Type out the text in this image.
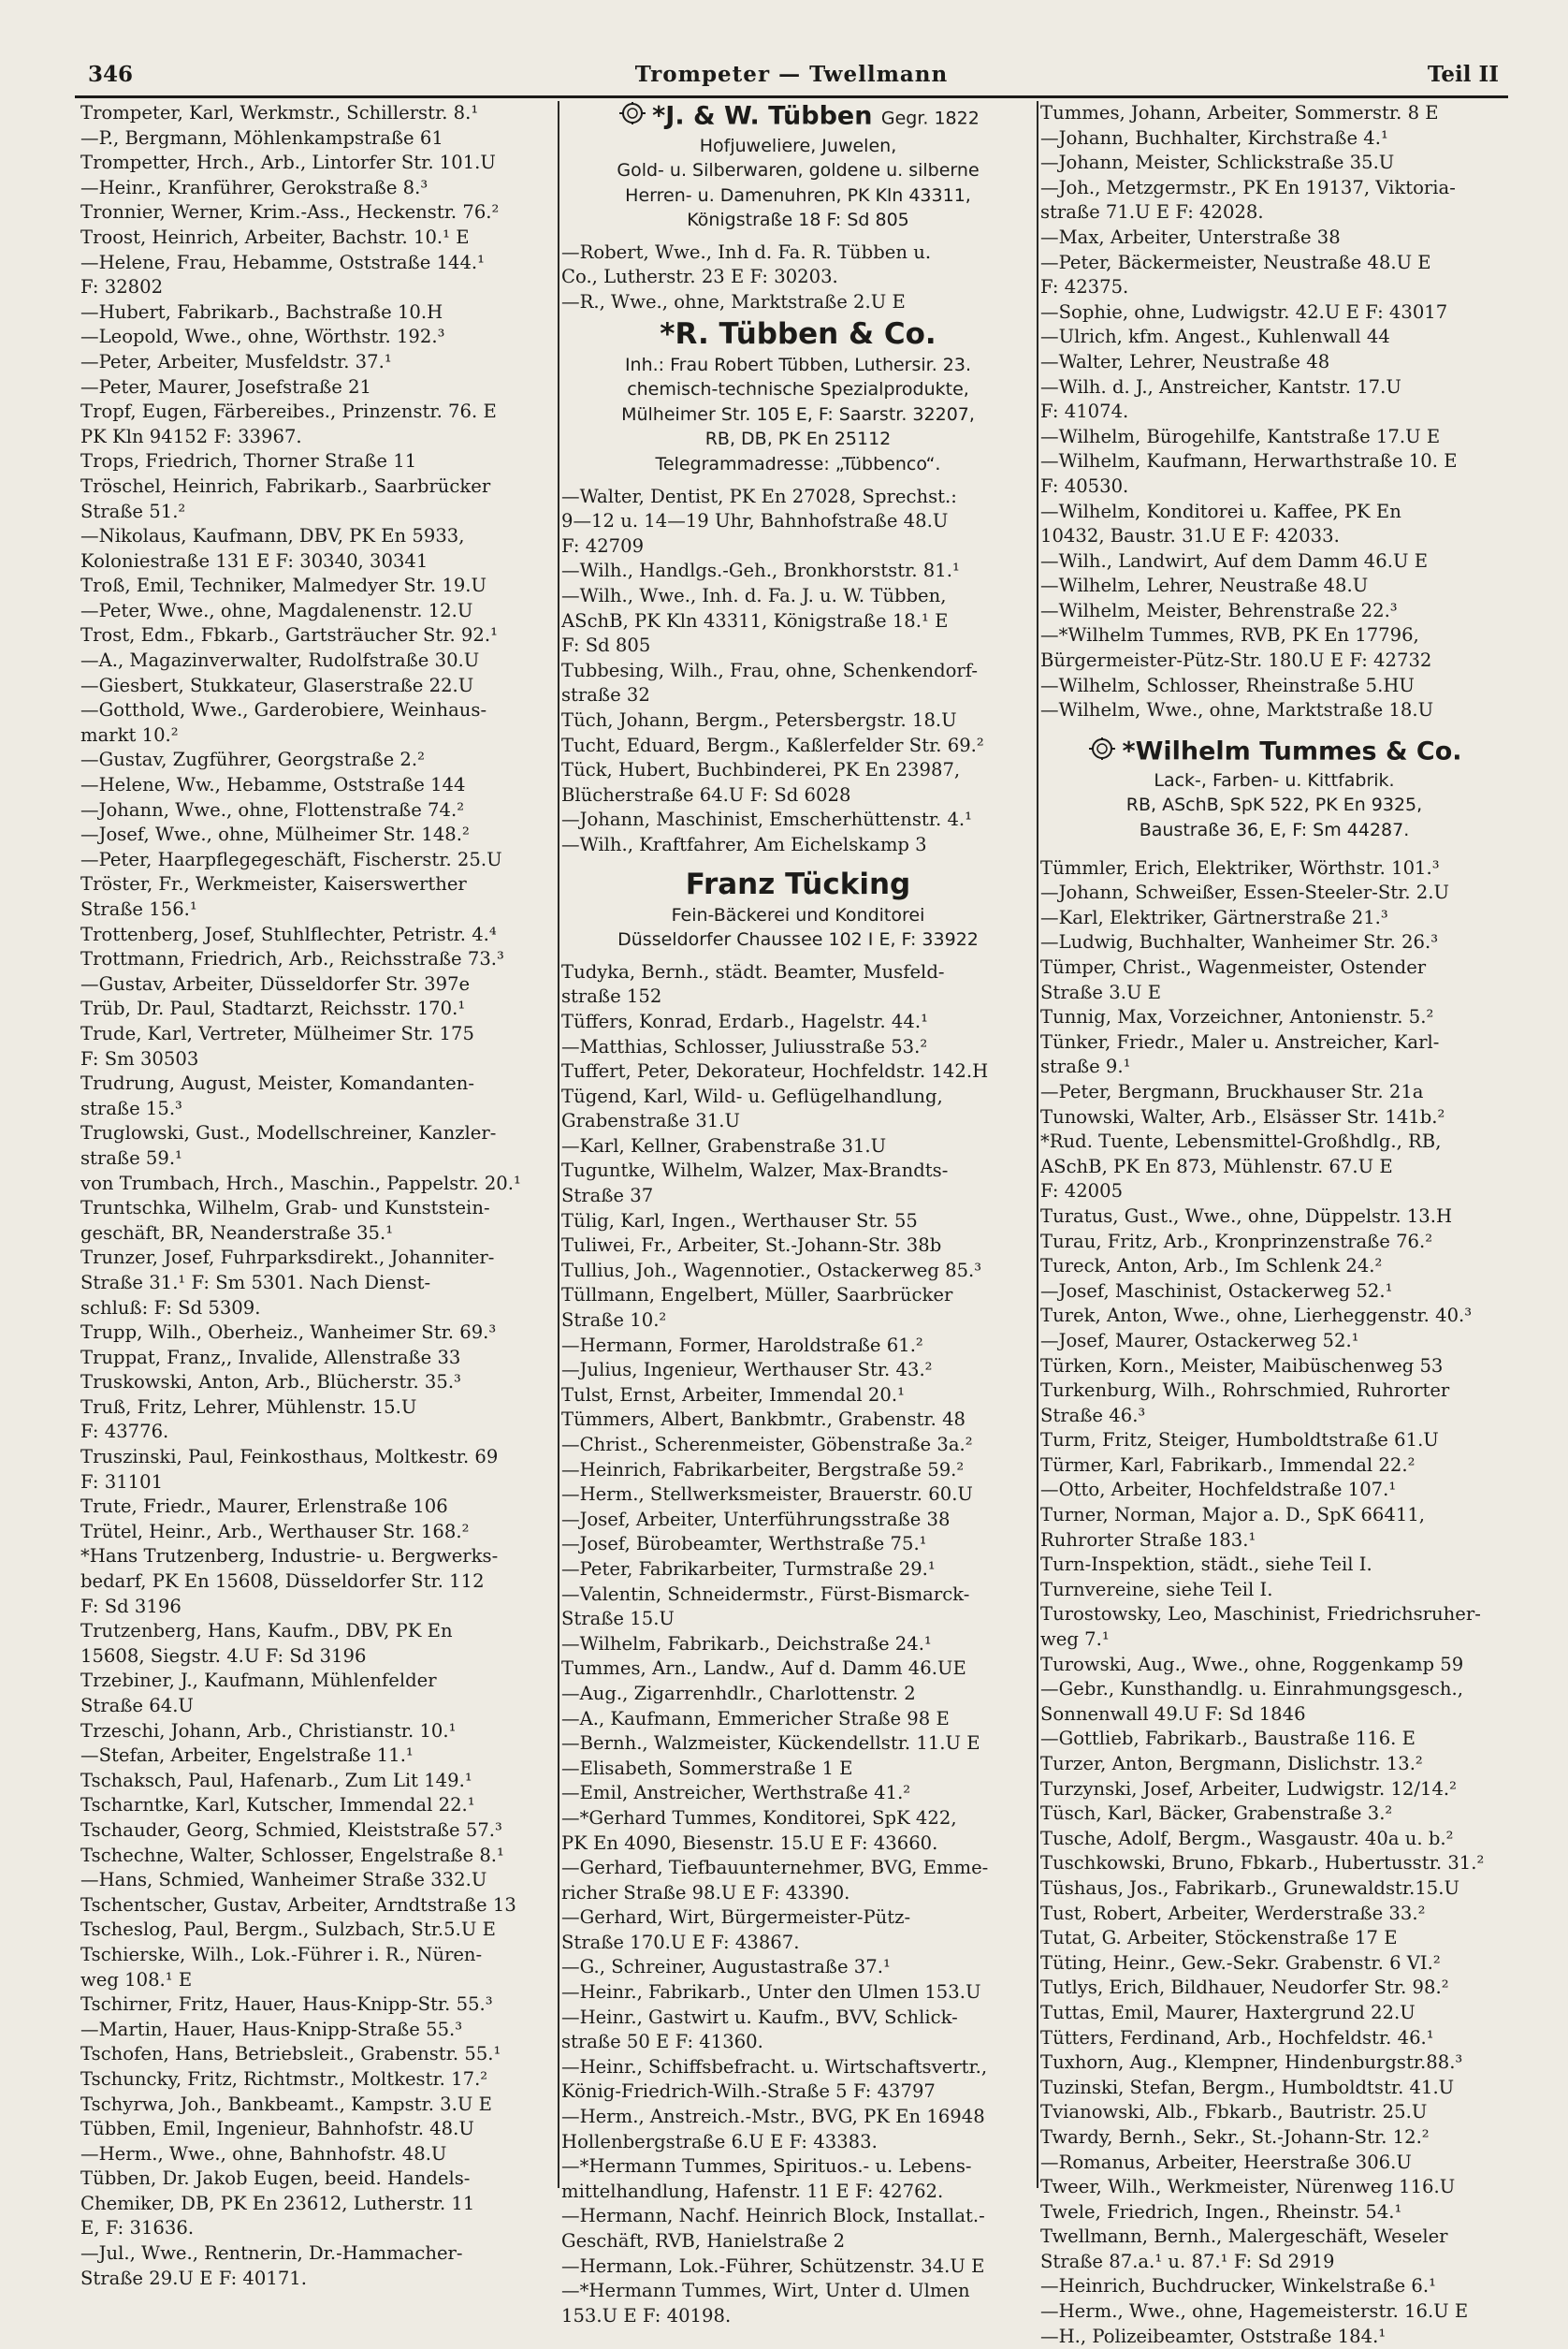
346	Trompeter — Twellmann	Teil II
Trompeter, Karl, Werkmstr., Schillerstr. 8.¹
—P., Bergmann, Möhlenkampstraße 61
Trompetter, Hrch., Arb., Lintorfer Str. 101.U
—Heinr., Kranführer, Gerokstraße 8.³
Tronnier, Werner, Krim.-Ass., Heckenstr. 76.²
Troost, Heinrich, Arbeiter, Bachstr. 10.¹ E
—Helene, Frau, Hebamme, Oststraße 144.¹
F: 32802
—Hubert, Fabrikarb., Bachstraße 10.H
—Leopold, Wwe., ohne, Wörthstr. 192.³
—Peter, Arbeiter, Musfeldstr. 37.¹
—Peter, Maurer, Josefstraße 21
Tropf, Eugen, Färbereibes., Prinzenstr. 76. E
PK Kln 94152 F: 33967.
Trops, Friedrich, Thorner Straße 11
Tröschel, Heinrich, Fabrikarb., Saarbrücker
Straße 51.²
—Nikolaus, Kaufmann, DBV, PK En 5933,
Koloniestraße 131 E F: 30340, 30341
Troß, Emil, Techniker, Malmedyer Str. 19.U
—Peter, Wwe., ohne, Magdalenenstr. 12.U
Trost, Edm., Fbkarb., Gartsträucher Str. 92.¹
—A., Magazinverwalter, Rudolfstraße 30.U
—Giesbert, Stukkateur, Glaserstraße 22.U
—Gotthold, Wwe., Garderobiere, Weinhaus-
markt 10.²
—Gustav, Zugführer, Georgstraße 2.²
—Helene, Ww., Hebamme, Oststraße 144
—Johann, Wwe., ohne, Flottenstraße 74.²
—Josef, Wwe., ohne, Mülheimer Str. 148.²
—Peter, Haarpflegegeschäft, Fischerstr. 25.U
Tröster, Fr., Werkmeister, Kaiserswerther
Straße 156.¹
Trottenberg, Josef, Stuhlflechter, Petristr. 4.⁴
Trottmann, Friedrich, Arb., Reichsstraße 73.³
—Gustav, Arbeiter, Düsseldorfer Str. 397e
Trüb, Dr. Paul, Stadtarzt, Reichsstr. 170.¹
Trude, Karl, Vertreter, Mülheimer Str. 175
F: Sm 30503
Trudrung, August, Meister, Komandanten-
straße 15.³
Truglowski, Gust., Modellschreiner, Kanzler-
straße 59.¹
von Trumbach, Hrch., Maschin., Pappelstr. 20.¹
Truntschka, Wilhelm, Grab- und Kunststein-
geschäft, BR, Neanderstraße 35.¹
Trunzer, Josef, Fuhrparksdirekt., Johanniter-
Straße 31.¹ F: Sm 5301. Nach Dienst-
schluß: F: Sd 5309.
Trupp, Wilh., Oberheiz., Wanheimer Str. 69.³
Truppat, Franz,, Invalide, Allenstraße 33
Truskowski, Anton, Arb., Blücherstr. 35.³
Truß, Fritz, Lehrer, Mühlenstr. 15.U
F: 43776.
Truszinski, Paul, Feinkosthaus, Moltkestr. 69
F: 31101
Trute, Friedr., Maurer, Erlenstraße 106
Trütel, Heinr., Arb., Werthauser Str. 168.²
*Hans Trutzenberg, Industrie- u. Bergwerks-
bedarf, PK En 15608, Düsseldorfer Str. 112
F: Sd 3196
Trutzenberg, Hans, Kaufm., DBV, PK En
15608, Siegstr. 4.U F: Sd 3196
Trzebiner, J., Kaufmann, Mühlenfelder
Straße 64.U
Trzeschi, Johann, Arb., Christianstr. 10.¹
—Stefan, Arbeiter, Engelstraße 11.¹
Tschaksch, Paul, Hafenarb., Zum Lit 149.¹
Tscharntke, Karl, Kutscher, Immendal 22.¹
Tschauder, Georg, Schmied, Kleiststraße 57.³
Tschechne, Walter, Schlosser, Engelstraße 8.¹
—Hans, Schmied, Wanheimer Straße 332.U
Tschentscher, Gustav, Arbeiter, Arndtstraße 13
Tscheslog, Paul, Bergm., Sulzbach, Str.5.U E
Tschierske, Wilh., Lok.-Führer i. R., Nüren-
weg 108.¹ E
Tschirner, Fritz, Hauer, Haus-Knipp-Str. 55.³
—Martin, Hauer, Haus-Knipp-Straße 55.³
Tschofen, Hans, Betriebsleit., Grabenstr. 55.¹
Tschuncky, Fritz, Richtmstr., Moltkestr. 17.²
Tschyrwa, Joh., Bankbeamt., Kampstr. 3.U E
Tübben, Emil, Ingenieur, Bahnhofstr. 48.U
—Herm., Wwe., ohne, Bahnhofstr. 48.U
Tübben, Dr. Jakob Eugen, beeid. Handels-
Chemiker, DB, PK En 23612, Lutherstr. 11
E, F: 31636.
—Jul., Wwe., Rentnerin, Dr.-Hammacher-
Straße 29.U E F: 40171.
*J. & W. Tübben Gegr. 1822
Hofjuweliere, Juwelen,
Gold- u. Silberwaren, goldene u. silberne
Herren- u. Damenuhren, PK Kln 43311,
Königstraße 18 F: Sd 805
—Robert, Wwe., Inh d. Fa. R. Tübben u.
Co., Lutherstr. 23 E F: 30203.
—R., Wwe., ohne, Marktstraße 2.U E
*R. Tübben & Co.
Inh.: Frau Robert Tübben, Luthersir. 23.
chemisch-technische Spezialprodukte,
Mülheimer Str. 105 E, F: Saarstr. 32207,
RB, DB, PK En 25112
Telegrammadresse: „Tübbenco“.
—Walter, Dentist, PK En 27028, Sprechst.:
9—12 u. 14—19 Uhr, Bahnhofstraße 48.U
F: 42709
—Wilh., Handlgs.-Geh., Bronkhorststr. 81.¹
—Wilh., Wwe., Inh. d. Fa. J. u. W. Tübben,
ASchB, PK Kln 43311, Königstraße 18.¹ E
F: Sd 805
Tubbesing, Wilh., Frau, ohne, Schenkendorf-
straße 32
Tüch, Johann, Bergm., Petersbergstr. 18.U
Tucht, Eduard, Bergm., Kaßlerfelder Str. 69.²
Tück, Hubert, Buchbinderei, PK En 23987,
Blücherstraße 64.U F: Sd 6028
—Johann, Maschinist, Emscherhüttenstr. 4.¹
—Wilh., Kraftfahrer, Am Eichelskamp 3
Franz Tücking
Fein-Bäckerei und Konditorei
Düsseldorfer Chaussee 102 I E, F: 33922
Tudyka, Bernh., städt. Beamter, Musfeld-
straße 152
Tüffers, Konrad, Erdarb., Hagelstr. 44.¹
—Matthias, Schlosser, Juliusstraße 53.²
Tuffert, Peter, Dekorateur, Hochfeldstr. 142.H
Tügend, Karl, Wild- u. Geflügelhandlung,
Grabenstraße 31.U
—Karl, Kellner, Grabenstraße 31.U
Tuguntke, Wilhelm, Walzer, Max-Brandts-
Straße 37
Tülig, Karl, Ingen., Werthauser Str. 55
Tuliwei, Fr., Arbeiter, St.-Johann-Str. 38b
Tullius, Joh., Wagennotier., Ostackerweg 85.³
Tüllmann, Engelbert, Müller, Saarbrücker
Straße 10.²
—Hermann, Former, Haroldstraße 61.²
—Julius, Ingenieur, Werthauser Str. 43.²
Tulst, Ernst, Arbeiter, Immendal 20.¹
Tümmers, Albert, Bankbmtr., Grabenstr. 48
—Christ., Scherenmeister, Göbenstraße 3a.²
—Heinrich, Fabrikarbeiter, Bergstraße 59.²
—Herm., Stellwerksmeister, Brauerstr. 60.U
—Josef, Arbeiter, Unterführungsstraße 38
—Josef, Bürobeamter, Werthstraße 75.¹
—Peter, Fabrikarbeiter, Turmstraße 29.¹
—Valentin, Schneidermstr., Fürst-Bismarck-
Straße 15.U
—Wilhelm, Fabrikarb., Deichstraße 24.¹
Tummes, Arn., Landw., Auf d. Damm 46.UE
—Aug., Zigarrenhdlr., Charlottenstr. 2
—A., Kaufmann, Emmericher Straße 98 E
—Bernh., Walzmeister, Kückendellstr. 11.U E
—Elisabeth, Sommerstraße 1 E
—Emil, Anstreicher, Werthstraße 41.²
—*Gerhard Tummes, Konditorei, SpK 422,
PK En 4090, Biesenstr. 15.U E F: 43660.
—Gerhard, Tiefbauunternehmer, BVG, Emme-
richer Straße 98.U E F: 43390.
—Gerhard, Wirt, Bürgermeister-Pütz-
Straße 170.U E F: 43867.
—G., Schreiner, Augustastraße 37.¹
—Heinr., Fabrikarb., Unter den Ulmen 153.U
—Heinr., Gastwirt u. Kaufm., BVV, Schlick-
straße 50 E F: 41360.
—Heinr., Schiffsbefracht. u. Wirtschaftsvertr.,
König-Friedrich-Wilh.-Straße 5 F: 43797
—Herm., Anstreich.-Mstr., BVG, PK En 16948
Hollenbergstraße 6.U E F: 43383.
—*Hermann Tummes, Spirituos.- u. Lebens-
mittelhandlung, Hafenstr. 11 E F: 42762.
—Hermann, Nachf. Heinrich Block, Installat.-
Geschäft, RVB, Hanielstraße 2
—Hermann, Lok.-Führer, Schützenstr. 34.U E
—*Hermann Tummes, Wirt, Unter d. Ulmen
153.U E F: 40198.
Tummes, Johann, Arbeiter, Sommerstr. 8 E
—Johann, Buchhalter, Kirchstraße 4.¹
—Johann, Meister, Schlickstraße 35.U
—Joh., Metzgermstr., PK En 19137, Viktoria-
straße 71.U E F: 42028.
—Max, Arbeiter, Unterstraße 38
—Peter, Bäckermeister, Neustraße 48.U E
F: 42375.
—Sophie, ohne, Ludwigstr. 42.U E F: 43017
—Ulrich, kfm. Angest., Kuhlenwall 44
—Walter, Lehrer, Neustraße 48
—Wilh. d. J., Anstreicher, Kantstr. 17.U
F: 41074.
—Wilhelm, Bürogehilfe, Kantstraße 17.U E
—Wilhelm, Kaufmann, Herwarthstraße 10. E
F: 40530.
—Wilhelm, Konditorei u. Kaffee, PK En
10432, Baustr. 31.U E F: 42033.
—Wilh., Landwirt, Auf dem Damm 46.U E
—Wilhelm, Lehrer, Neustraße 48.U
—Wilhelm, Meister, Behrenstraße 22.³
—*Wilhelm Tummes, RVB, PK En 17796,
Bürgermeister-Pütz-Str. 180.U E F: 42732
—Wilhelm, Schlosser, Rheinstraße 5.HU
—Wilhelm, Wwe., ohne, Marktstraße 18.U
*Wilhelm Tummes & Co.
Lack-, Farben- u. Kittfabrik.
RB, ASchB, SpK 522, PK En 9325,
Baustraße 36, E, F: Sm 44287.
Tümmler, Erich, Elektriker, Wörthstr. 101.³
—Johann, Schweißer, Essen-Steeler-Str. 2.U
—Karl, Elektriker, Gärtnerstraße 21.³
—Ludwig, Buchhalter, Wanheimer Str. 26.³
Tümper, Christ., Wagenmeister, Ostender
Straße 3.U E
Tunnig, Max, Vorzeichner, Antonienstr. 5.²
Tünker, Friedr., Maler u. Anstreicher, Karl-
straße 9.¹
—Peter, Bergmann, Bruckhauser Str. 21a
Tunowski, Walter, Arb., Elsässer Str. 141b.²
*Rud. Tuente, Lebensmittel-Großhdlg., RB,
ASchB, PK En 873, Mühlenstr. 67.U E
F: 42005
Turatus, Gust., Wwe., ohne, Düppelstr. 13.H
Turau, Fritz, Arb., Kronprinzenstraße 76.²
Tureck, Anton, Arb., Im Schlenk 24.²
—Josef, Maschinist, Ostackerweg 52.¹
Turek, Anton, Wwe., ohne, Lierheggenstr. 40.³
—Josef, Maurer, Ostackerweg 52.¹
Türken, Korn., Meister, Maibüschenweg 53
Turkenburg, Wilh., Rohrschmied, Ruhrorter
Straße 46.³
Turm, Fritz, Steiger, Humboldtstraße 61.U
Türmer, Karl, Fabrikarb., Immendal 22.²
—Otto, Arbeiter, Hochfeldstraße 107.¹
Turner, Norman, Major a. D., SpK 66411,
Ruhrorter Straße 183.¹
Turn-Inspektion, städt., siehe Teil I.
Turnvereine, siehe Teil I.
Turostowsky, Leo, Maschinist, Friedrichsruher-
weg 7.¹
Turowski, Aug., Wwe., ohne, Roggenkamp 59
—Gebr., Kunsthandlg. u. Einrahmungsgesch.,
Sonnenwall 49.U F: Sd 1846
—Gottlieb, Fabrikarb., Baustraße 116. E
Turzer, Anton, Bergmann, Dislichstr. 13.²
Turzynski, Josef, Arbeiter, Ludwigstr. 12/14.²
Tüsch, Karl, Bäcker, Grabenstraße 3.²
Tusche, Adolf, Bergm., Wasgaustr. 40a u. b.²
Tuschkowski, Bruno, Fbkarb., Hubertusstr. 31.²
Tüshaus, Jos., Fabrikarb., Grunewaldstr.15.U
Tust, Robert, Arbeiter, Werderstraße 33.²
Tutat, G. Arbeiter, Stöckenstraße 17 E
Tüting, Heinr., Gew.-Sekr. Grabenstr. 6 VI.²
Tutlys, Erich, Bildhauer, Neudorfer Str. 98.²
Tuttas, Emil, Maurer, Haxtergrund 22.U
Tütters, Ferdinand, Arb., Hochfeldstr. 46.¹
Tuxhorn, Aug., Klempner, Hindenburgstr.88.³
Tuzinski, Stefan, Bergm., Humboldtstr. 41.U
Tvianowski, Alb., Fbkarb., Bautristr. 25.U
Twardy, Bernh., Sekr., St.-Johann-Str. 12.²
—Romanus, Arbeiter, Heerstraße 306.U
Tweer, Wilh., Werkmeister, Nürenweg 116.U
Twele, Friedrich, Ingen., Rheinstr. 54.¹
Twellmann, Bernh., Malergeschäft, Weseler
Straße 87.a.¹ u. 87.¹ F: Sd 2919
—Heinrich, Buchdrucker, Winkelstraße 6.¹
—Herm., Wwe., ohne, Hagemeisterstr. 16.U E
—H., Polizeibeamter, Oststraße 184.¹
